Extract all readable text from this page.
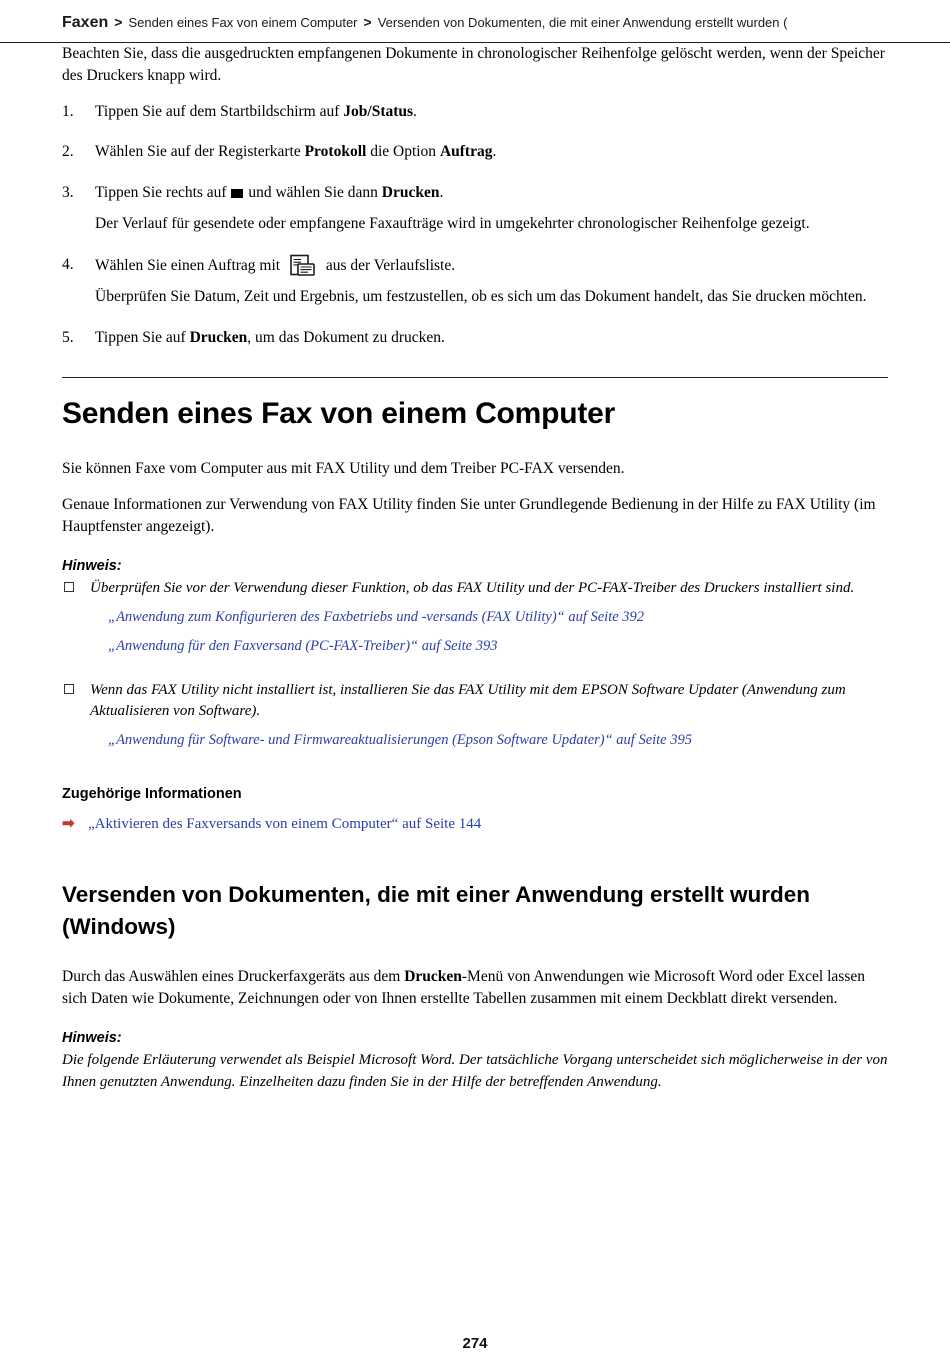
Faxen > Senden eines Fax von einem Computer > Versenden von Dokumenten, die mit einer Anwendung erstellt wurden (

Beachten Sie, dass die ausgedruckten empfangenen Dokumente in chronologischer Reihenfolge gelöscht werden, wenn der Speicher des Druckers knapp wird.

1.	Tippen Sie auf dem Startbildschirm auf Job/Status.
2.	Wählen Sie auf der Registerkarte Protokoll die Option Auftrag.
3.	Tippen Sie rechts auf  und wählen Sie dann Drucken.
Der Verlauf für gesendete oder empfangene Faxaufträge wird in umgekehrter chronologischer Reihenfolge gezeigt.
4.	Wählen Sie einen Auftrag mit  aus der Verlaufsliste.
Überprüfen Sie Datum, Zeit und Ergebnis, um festzustellen, ob es sich um das Dokument handelt, das Sie drucken möchten.
5.	Tippen Sie auf Drucken, um das Dokument zu drucken.
Senden eines Fax von einem Computer

Sie können Faxe vom Computer aus mit FAX Utility und dem Treiber PC-FAX versenden.

Genaue Informationen zur Verwendung von FAX Utility finden Sie unter Grundlegende Bedienung in der Hilfe zu FAX Utility (im Hauptfenster angezeigt).

Hinweis:
Überprüfen Sie vor der Verwendung dieser Funktion, ob das FAX Utility und der PC-FAX-Treiber des Druckers installiert sind.
„Anwendung zum Konfigurieren des Faxbetriebs und -versands (FAX Utility)“ auf Seite 392
„Anwendung für den Faxversand (PC-FAX-Treiber)“ auf Seite 393
Wenn das FAX Utility nicht installiert ist, installieren Sie das FAX Utility mit dem EPSON Software Updater (Anwendung zum Aktualisieren von Software).
„Anwendung für Software- und Firmwareaktualisierungen (Epson Software Updater)“ auf Seite 395
Zugehörige Informationen

➡ „Aktivieren des Faxversands von einem Computer“ auf Seite 144

Versenden von Dokumenten, die mit einer Anwendung erstellt wurden (Windows)

Durch das Auswählen eines Druckerfaxgeräts aus dem Drucken-Menü von Anwendungen wie Microsoft Word oder Excel lassen sich Daten wie Dokumente, Zeichnungen oder von Ihnen erstellte Tabellen zusammen mit einem Deckblatt direkt versenden.

Hinweis:

Die folgende Erläuterung verwendet als Beispiel Microsoft Word. Der tatsächliche Vorgang unterscheidet sich möglicherweise in der von Ihnen genutzten Anwendung. Einzelheiten dazu finden Sie in der Hilfe der betreffenden Anwendung.

274
